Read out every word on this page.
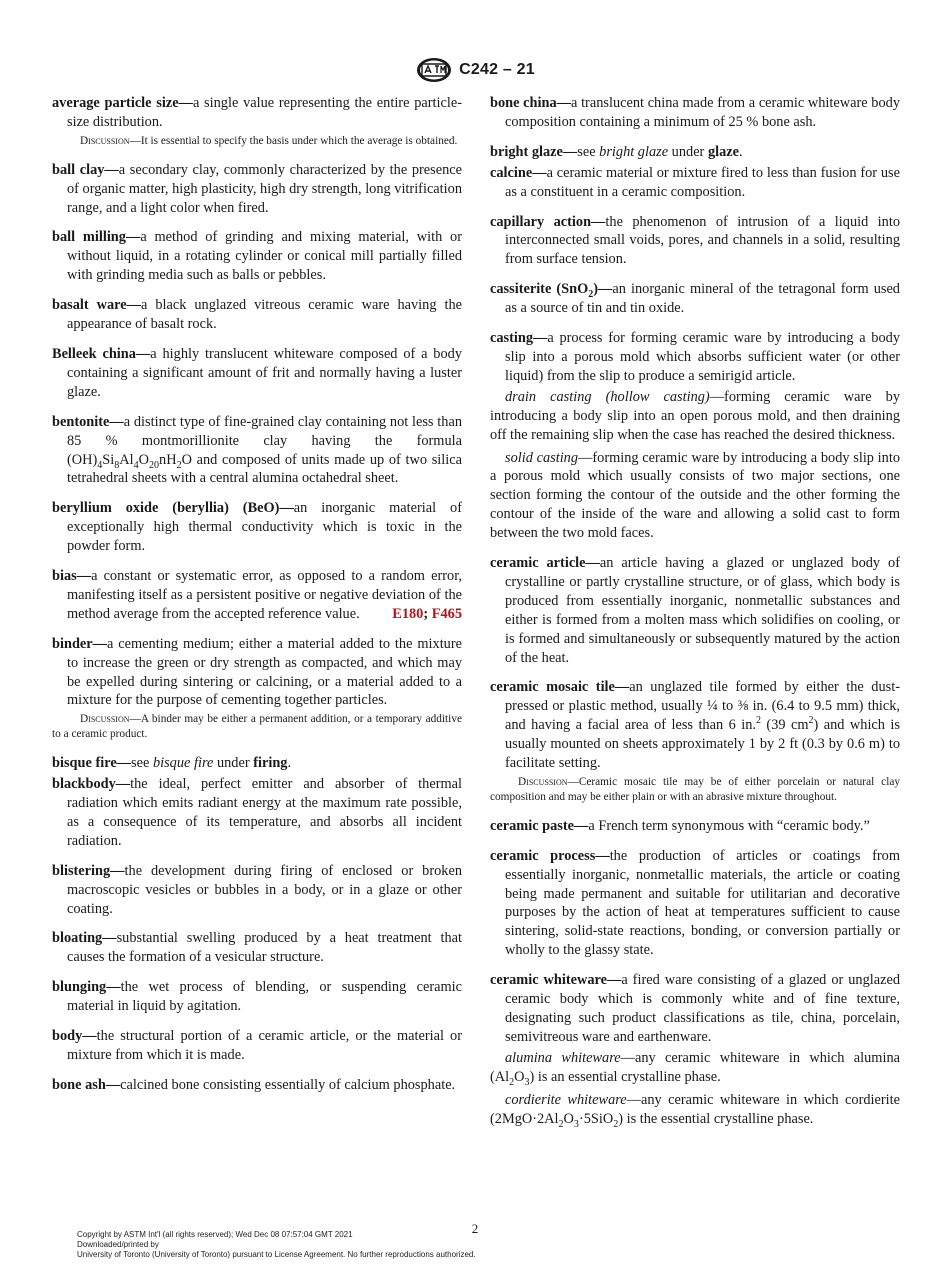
C242 – 21

average particle size—a single value representing the entire particle-size distribution.

Discussion—It is essential to specify the basis under which the average is obtained.

ball clay—a secondary clay, commonly characterized by the presence of organic matter, high plasticity, high dry strength, long vitrification range, and a light color when fired.

ball milling—a method of grinding and mixing material, with or without liquid, in a rotating cylinder or conical mill partially filled with grinding media such as balls or pebbles.

basalt ware—a black unglazed vitreous ceramic ware having the appearance of basalt rock.

Belleek china—a highly translucent whiteware composed of a body containing a significant amount of frit and normally having a luster glaze.

bentonite—a distinct type of fine-grained clay containing not less than 85 % montmorillionite clay having the formula $(OH)_4Si_8Al_4O_{20}nH_2O$ and composed of units made up of two silica tetrahedral sheets with a central alumina octahedral sheet.

beryllium oxide (beryllia) (BeO)—an inorganic material of exceptionally high thermal conductivity which is toxic in the powder form.

bias—a constant or systematic error, as opposed to a random error, manifesting itself as a persistent positive or negative deviation of the method average from the accepted reference value. E180; F465

binder—a cementing medium; either a material added to the mixture to increase the green or dry strength as compacted, and which may be expelled during sintering or calcining, or a material added to a mixture for the purpose of cementing together particles.

Discussion—A binder may be either a permanent addition, or a temporary additive to a ceramic product.

bisque fire—see bisque fire under firing.

blackbody—the ideal, perfect emitter and absorber of thermal radiation which emits radiant energy at the maximum rate possible, as a consequence of its temperature, and absorbs all incident radiation.

blistering—the development during firing of enclosed or broken macroscopic vesicles or bubbles in a body, or in a glaze or other coating.

bloating—substantial swelling produced by a heat treatment that causes the formation of a vesicular structure.

blunging—the wet process of blending, or suspending ceramic material in liquid by agitation.

body—the structural portion of a ceramic article, or the material or mixture from which it is made.

bone ash—calcined bone consisting essentially of calcium phosphate.

bone china—a translucent china made from a ceramic whiteware body composition containing a minimum of 25 % bone ash.

bright glaze—see bright glaze under glaze.

calcine—a ceramic material or mixture fired to less than fusion for use as a constituent in a ceramic composition.

capillary action—the phenomenon of intrusion of a liquid into interconnected small voids, pores, and channels in a solid, resulting from surface tension.

cassiterite (SnO$_2$)—an inorganic mineral of the tetragonal form used as a source of tin and tin oxide.

casting—a process for forming ceramic ware by introducing a body slip into a porous mold which absorbs sufficient water (or other liquid) from the slip to produce a semirigid article.

drain casting (hollow casting)—forming ceramic ware by introducing a body slip into an open porous mold, and then draining off the remaining slip when the case has reached the desired thickness.

solid casting—forming ceramic ware by introducing a body slip into a porous mold which usually consists of two major sections, one section forming the contour of the outside and the other forming the contour of the inside of the ware and allowing a solid cast to form between the two mold faces.

ceramic article—an article having a glazed or unglazed body of crystalline or partly crystalline structure, or of glass, which body is produced from essentially inorganic, nonmetallic substances and either is formed from a molten mass which solidifies on cooling, or is formed and simultaneously or subsequently matured by the action of the heat.

ceramic mosaic tile—an unglazed tile formed by either the dust-pressed or plastic method, usually ¼ to ⅜ in. (6.4 to 9.5 mm) thick, and having a facial area of less than 6 in.$^2$ (39 $cm^2$) and which is usually mounted on sheets approximately 1 by 2 ft (0.3 by 0.6 m) to facilitate setting.

Discussion—Ceramic mosaic tile may be of either porcelain or natural clay composition and may be either plain or with an abrasive mixture throughout.

ceramic paste—a French term synonymous with “ceramic body.”

ceramic process—the production of articles or coatings from essentially inorganic, nonmetallic materials, the article or coating being made permanent and suitable for utilitarian and decorative purposes by the action of heat at temperatures sufficient to cause sintering, solid-state reactions, bonding, or conversion partially or wholly to the glassy state.

ceramic whiteware—a fired ware consisting of a glazed or unglazed ceramic body which is commonly white and of fine texture, designating such product classifications as tile, china, porcelain, semivitreous ware and earthenware.

alumina whiteware—any ceramic whiteware in which alumina $(Al_2O_3)$ is an essential crystalline phase.

cordierite whiteware—any ceramic whiteware in which cordierite $(2MgO\cdot 2Al_2O_3\cdot 5SiO_2)$ is the essential crystalline phase.

2
Copyright by ASTM Int'l (all rights reserved); Wed Dec 08 07:57:04 GMT 2021
Downloaded/printed by
University of Toronto (University of Toronto) pursuant to License Agreement. No further reproductions authorized.
